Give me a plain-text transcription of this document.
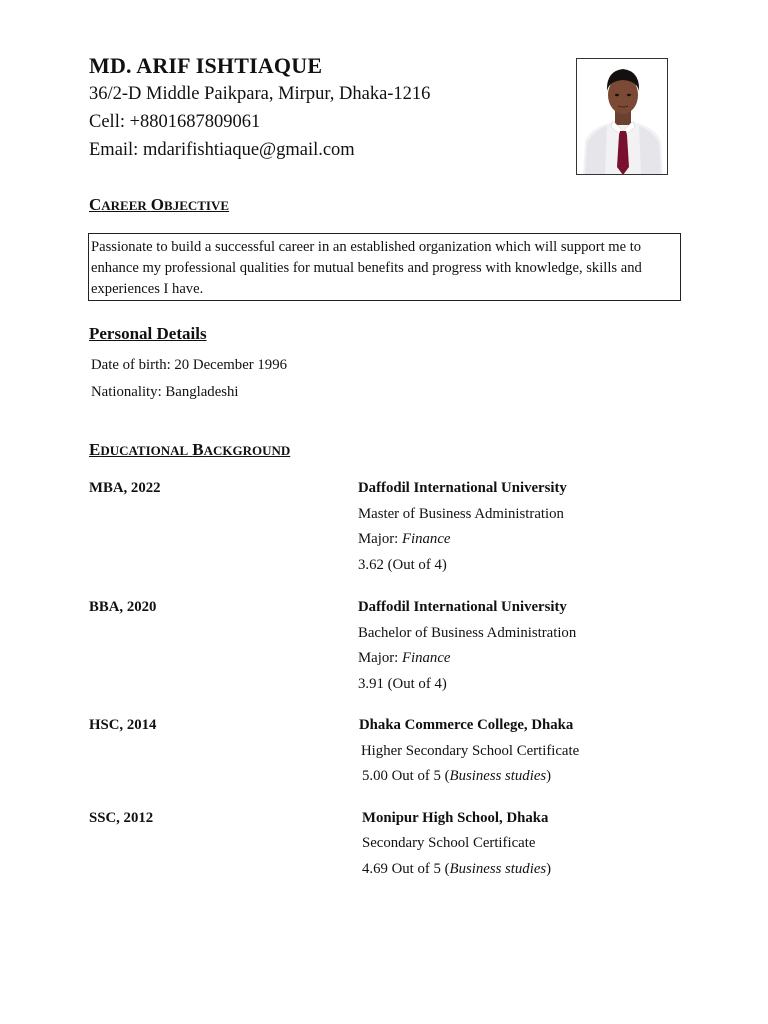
MD. ARIF ISHTIAQUE
36/2-D Middle Paikpara, Mirpur, Dhaka-1216
Cell: +8801687809061
Email: mdarifishtiaque@gmail.com
CAREER OBJECTIVE
Passionate to build a successful career in an established organization which will support me to enhance my professional qualities for mutual benefits and progress with knowledge, skills and experiences I have.
Personal Details
Date of birth: 20 December 1996
Nationality: Bangladeshi
EDUCATIONAL BACKGROUND
MBA, 2022	Daffodil International University
Master of Business Administration
Major: Finance
3.62 (Out of 4)
BBA, 2020	Daffodil International University
Bachelor of Business Administration
Major: Finance
3.91 (Out of 4)
HSC, 2014	Dhaka Commerce College, Dhaka
Higher Secondary School Certificate
5.00 Out of 5 (Business studies)
SSC, 2012	Monipur High School, Dhaka
Secondary School Certificate
4.69 Out of 5 (Business studies)
